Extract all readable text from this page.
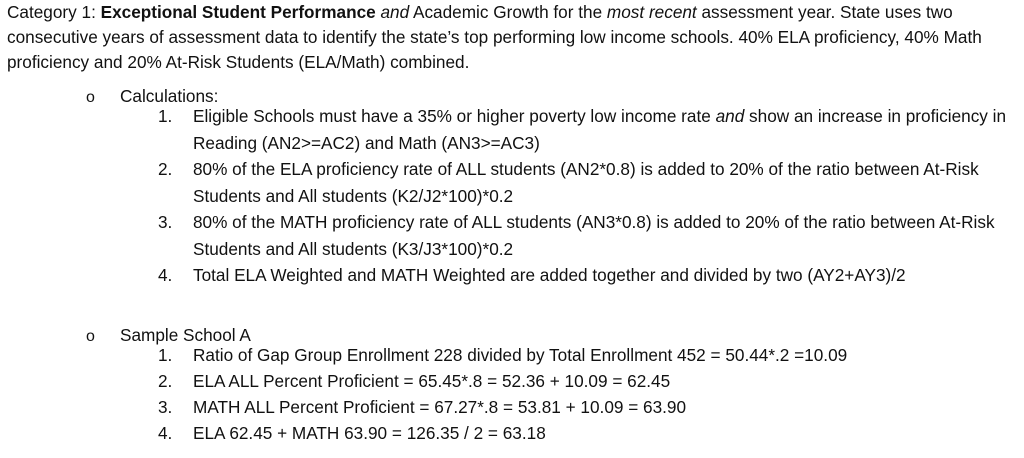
Category 1: Exceptional Student Performance and Academic Growth for the most recent assessment year. State uses two consecutive years of assessment data to identify the state’s top performing low income schools. 40% ELA proficiency, 40% Math proficiency and 20% At-Risk Students (ELA/Math) combined.
o Calculations:
1. Eligible Schools must have a 35% or higher poverty low income rate and show an increase in proficiency in Reading (AN2>=AC2) and Math (AN3>=AC3)
2. 80% of the ELA proficiency rate of ALL students (AN2*0.8) is added to 20% of the ratio between At-Risk Students and All students (K2/J2*100)*0.2
3. 80% of the MATH proficiency rate of ALL students (AN3*0.8) is added to 20% of the ratio between At-Risk Students and All students (K3/J3*100)*0.2
4. Total ELA Weighted and MATH Weighted are added together and divided by two (AY2+AY3)/2
o Sample School A
1. Ratio of Gap Group Enrollment 228 divided by Total Enrollment 452 = 50.44*.2 =10.09
2. ELA ALL Percent Proficient = 65.45*.8 = 52.36 + 10.09 = 62.45
3. MATH ALL Percent Proficient = 67.27*.8 = 53.81 + 10.09 = 63.90
4. ELA 62.45 + MATH 63.90 = 126.35 / 2 = 63.18
